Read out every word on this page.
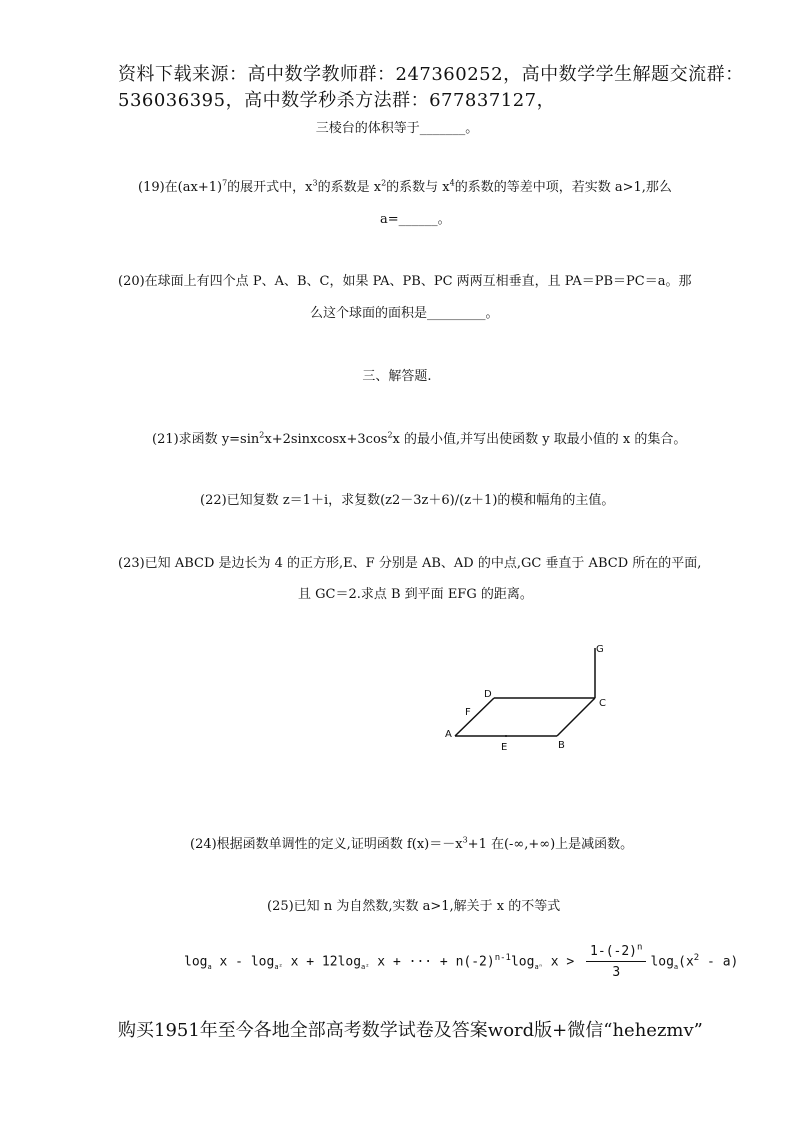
资料下载来源：高中数学教师群：247360252，高中数学学生解题交流群：
536036395，高中数学秒杀方法群：677837127，
三棱台的体积等于_______。
(19)在$(ax+1)^7$的展开式中，$x^3$的系数是 $x^2$的系数与 $x^4$的系数的等差中项，若实数 a>1,那么
a=______。
(20)在球面上有四个点 P、A、B、C，如果 PA、PB、PC 两两互相垂直，且 PA＝PB＝PC＝a。那
么这个球面的面积是_________。
三、解答题.
(21)求函数 $y=\sin^2x+2sinxcosx+3\cos^2x$ 的最小值,并写出使函数 y 取最小值的 x 的集合。
(22)已知复数 z＝1＋i，求复数(z2－3z＋6)/(z＋1)的模和幅角的主值。
(23)已知 ABCD 是边长为 4 的正方形,E、F 分别是 AB、AD 的中点,GC 垂直于 ABCD 所在的平面,
且 GC＝2.求点 B 到平面 EFG 的距离。
A
B
C
D
E
F
G
(24)根据函数单调性的定义,证明函数 $f(x)=-x^3+1$ 在(-∞,+∞)上是减函数。
(25)已知 n 为自然数,实数 a>1,解关于 x 的不等式
$\log_a x - \log_{a^2} x + 12\log_{a^2}$ x + ··· + $n(-2)^{n-1}\log_{a^n}$ $x > \frac{1-(-2)^n}{3} \log_a(x^2 - a)$
购买1951年至今各地全部高考数学试卷及答案word版+微信“hehezmv”
